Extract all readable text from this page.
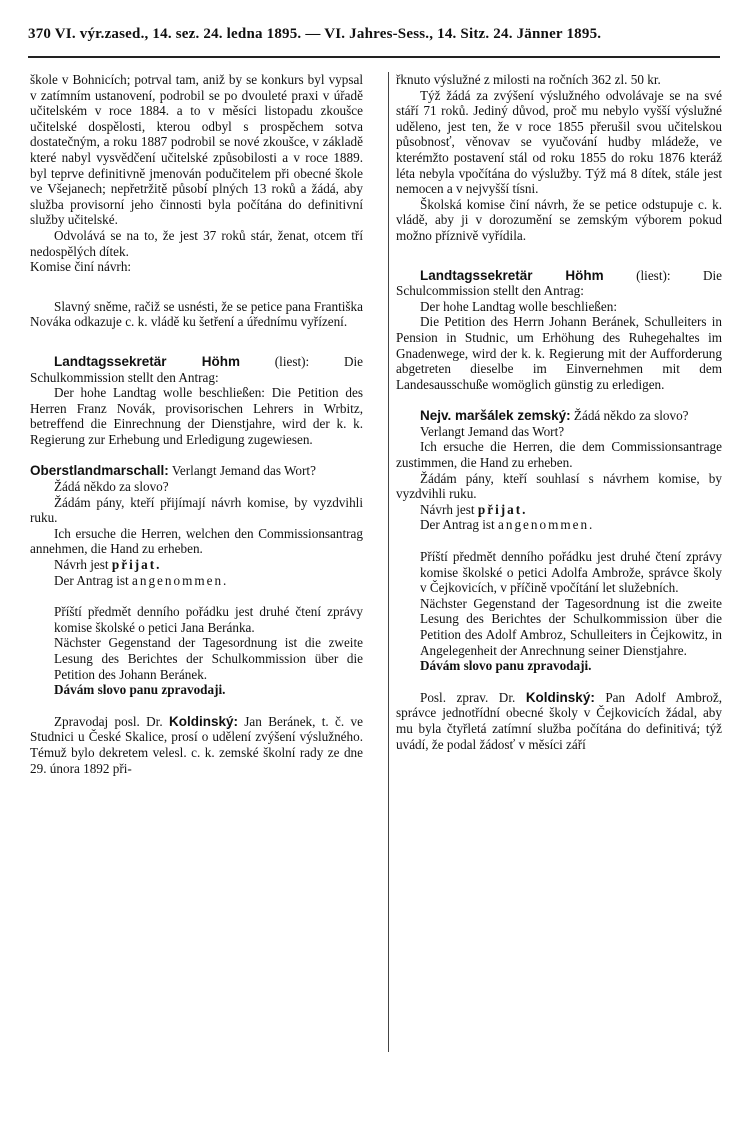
370 VI. výr.zased., 14. sez. 24. ledna 1895. — VI. Jahres-Sess., 14. Sitz. 24. Jänner 1895.

škole v Bohnicích; potrval tam, aniž by se konkurs byl vypsal v zatímním ustanovení, podrobil se po dvouleté praxi v úřadě učitelském v roce 1884. a to v měsíci listopadu zkoušce učitelské dospělosti, kterou odbyl s prospěchem sotva dostatečným, a roku 1887 podrobil se nové zkoušce, v základě které nabyl vysvědčení učitelské způsobilosti a v roce 1889. byl teprve definitivně jmenován podučitelem při obecné škole ve Všejanech; nepřetržitě působí plných 13 roků a žádá, aby služba provisorní jeho činnosti byla počítána do definitivní služby učitelské.

Odvolává se na to, že jest 37 roků stár, ženat, otcem tří nedospělých dítek.

Komise činí návrh:

Slavný sněme, račiž se usnésti, že se petice pana Františka Nováka odkazuje c. k. vládě ku šetření a úřednímu vyřízení.

Landtagssekretär Höhm (liest): Die Schulkommission stellt den Antrag:

Der hohe Landtag wolle beschließen: Die Petition des Herren Franz Novák, provisorischen Lehrers in Wrbitz, betreffend die Einrechnung der Dienstjahre, wird der k. k. Regierung zur Erhebung und Erledigung zugewiesen.

Oberstlandmarschall: Verlangt Jemand das Wort?

Žádá někdo za slovo?

Žádám pány, kteří přijímají návrh komise, by vyzdvihli ruku.

Ich ersuche die Herren, welchen den Commissionsantrag annehmen, die Hand zu erheben.

Návrh jest přijat.

Der Antrag ist angenommen.

Příští předmět denního pořádku jest druhé čtení zprávy komise školské o petici Jana Beránka.

Nächster Gegenstand der Tagesordnung ist die zweite Lesung des Berichtes der Schulkommission über die Petition des Johann Beránek.

Dávám slovo panu zpravodaji.

Zpravodaj posl. Dr. Koldinský: Jan Beránek, t. č. ve Studnici u České Skalice, prosí o udělení zvýšení výslužného. Témuž bylo dekretem velesl. c. k. zemské školní rady ze dne 29. února 1892 při-

řknuto výslužné z milosti na ročních 362 zl. 50 kr.

Týž žádá za zvýšení výslužného odvolávaje se na své stáří 71 roků. Jediný důvod, proč mu nebylo vyšší výslužné uděleno, jest ten, že v roce 1855 přerušil svou učitelskou působnosť, věnovav se vyučování hudby mládeže, ve kterémžto postavení stál od roku 1855 do roku 1876 kteráž léta nebyla vpočítána do výslužby. Týž má 8 dítek, stále jest nemocen a v nejvyšší tísni.

Školská komise činí návrh, že se petice odstupuje c. k. vládě, aby ji v dorozumění se zemským výborem pokud možno příznivě vyřídila.

Landtagssekretär Höhm (liest): Die Schulcommission stellt den Antrag:

Der hohe Landtag wolle beschließen:

Die Petition des Herrn Johann Beránek, Schulleiters in Pension in Studnic, um Erhöhung des Ruhegehaltes im Gnadenwege, wird der k. k. Regierung mit der Aufforderung abgetreten dieselbe im Einvernehmen mit dem Landesausschuße womöglich günstig zu erledigen.

Nejv. maršálek zemský: Žádá někdo za slovo?

Verlangt Jemand das Wort?

Ich ersuche die Herren, die dem Commissionsantrage zustimmen, die Hand zu erheben.

Žádám pány, kteří souhlasí s návrhem komise, by vyzdvihli ruku.

Návrh jest přijat.

Der Antrag ist angenommen.

Příští předmět denního pořádku jest druhé čtení zprávy komise školské o petici Adolfa Ambrože, správce školy v Čejkovicích, v příčině vpočítání let služebních.

Nächster Gegenstand der Tagesordnung ist die zweite Lesung des Berichtes der Schulkommission über die Petition des Adolf Ambroz, Schulleiters in Čejkowitz, in Angelegenheit der Anrechnung seiner Dienstjahre.

Dávám slovo panu zpravodaji.

Posl. zprav. Dr. Koldinský: Pan Adolf Ambrož, správce jednotřídní obecné školy v Čejkovicích žádal, aby mu byla čtyřletá zatímní služba počítána do definitivá; týž uvádí, že podal žádosť v měsíci září
